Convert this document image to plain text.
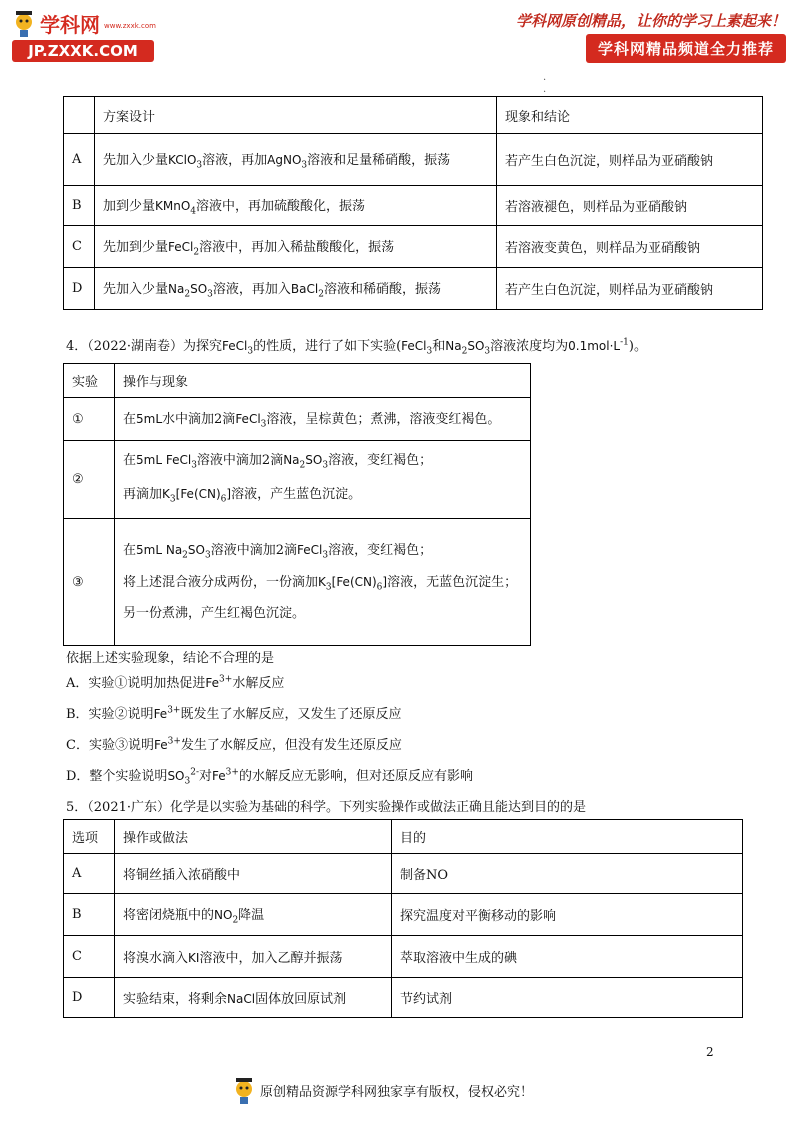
学科网 www.zxxk.com
JP.ZXXK.COM
学科网原创精品，让你的学习上素起来！
学科网精品频道全力推荐
.
.
	方案设计	现象和结论
A	先加入少量KClO$_3$溶液，再加AgNO$_3$溶液和足量稀硝酸，振荡	若产生白色沉淀，则样品为亚硝酸钠
B	加到少量KMnO$_4$溶液中，再加硫酸酸化，振荡	若溶液褪色，则样品为亚硝酸钠
C	先加到少量FeCl$_2$溶液中，再加入稀盐酸酸化，振荡	若溶液变黄色，则样品为亚硝酸钠
D	先加入少量$Na_2SO_3$溶液，再加入BaCl$_2$溶液和稀硝酸，振荡	若产生白色沉淀，则样品为亚硝酸钠
4．（2022·湖南卷）为探究FeCl$_3$的性质，进行了如下实验(FeCl$_3$和$Na_2SO_3$溶液浓度均为$0.1mol\cdot L^{-1}$)。
实验	操作与现象
①	在5mL水中滴加2滴FeCl$_3$溶液，呈棕黄色；煮沸，溶液变红褐色。
②	在5mL FeCl$_3$溶液中滴加2滴$Na_2SO_3$溶液，变红褐色；
再滴加$K_3[Fe(CN)_6]$溶液，产生蓝色沉淀。

③	在5mL $Na_2SO_3$溶液中滴加2滴FeCl$_3$溶液，变红褐色；
将上述混合液分成两份，一份滴加$K_3[Fe(CN)_6]$溶液，无蓝色沉淀生；
另一份煮沸，产生红褐色沉淀。
依据上述实验现象，结论不合理的是
A．实验①说明加热促进$Fe^{3+}$水解反应
B．实验②说明$Fe^{3+}$既发生了水解反应，又发生了还原反应
C．实验③说明$Fe^{3+}$发生了水解反应，但没有发生还原反应
D．整个实验说明$SO_3^{2-}$对$Fe^{3+}$的水解反应无影响，但对还原反应有影响
5．（2021·广东）化学是以实验为基础的科学。下列实验操作或做法正确且能达到目的的是
选项	操作或做法	目的
A	将铜丝插入浓硝酸中	制备NO
B	将密闭烧瓶中的$NO_2$降温	探究温度对平衡移动的影响
C	将溴水滴入KI溶液中，加入乙醇并振荡	萃取溶液中生成的碘
D	实验结束，将剩余NaCl固体放回原试剂	节约试剂
2
原创精品资源学科网独家享有版权，侵权必究！
